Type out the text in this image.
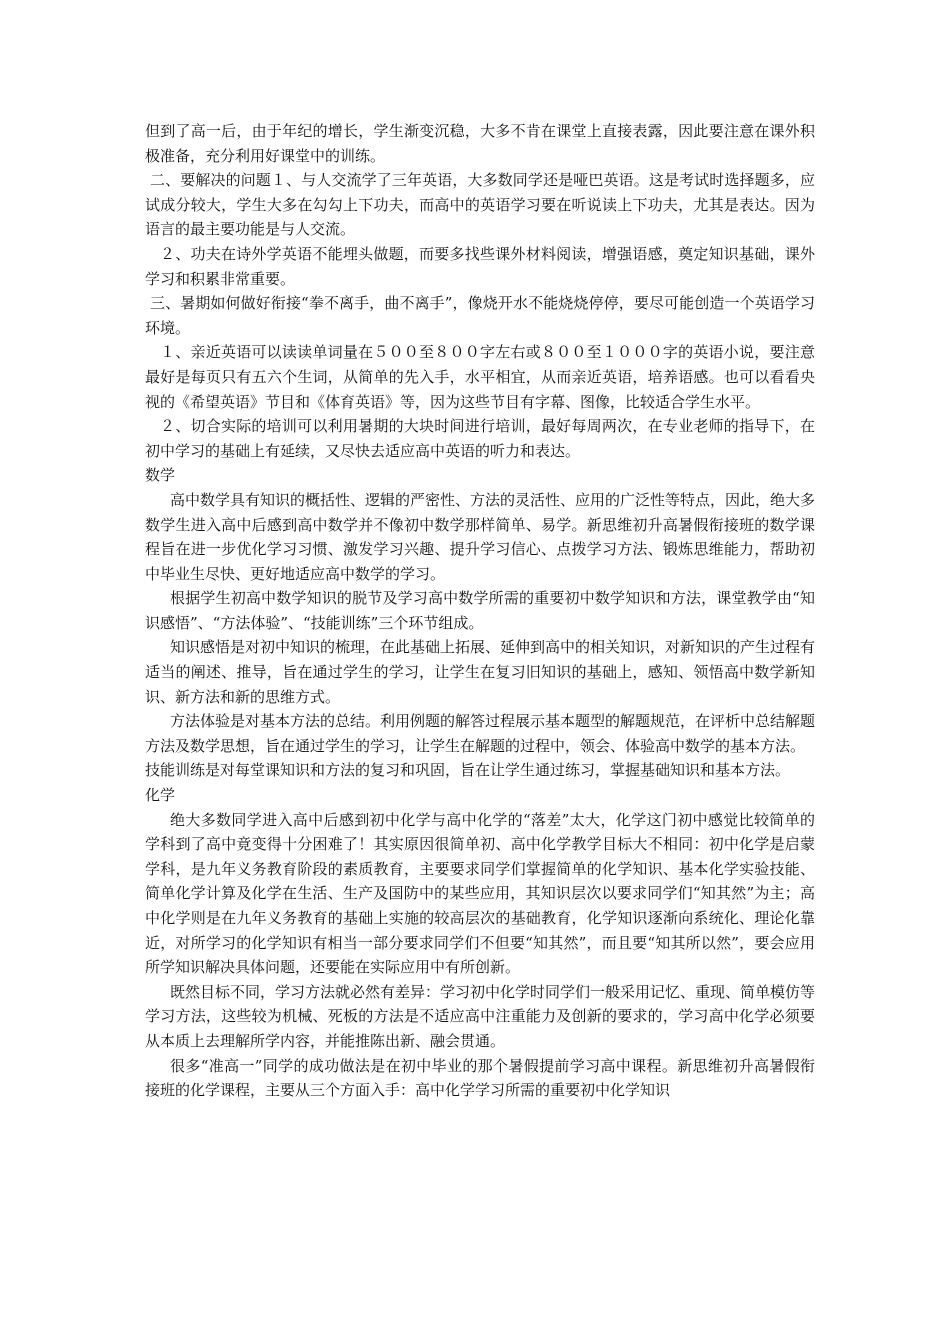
但到了高一后，由于年纪的增长，学生渐变沉稳，大多不肯在课堂上直接表露，因此要注意在课外积极准备，充分利用好课堂中的训练。

二、要解决的问题１、与人交流学了三年英语，大多数同学还是哑巴英语。这是考试时选择题多，应试成分较大，学生大多在勾勾上下功夫，而高中的英语学习要在听说读上下功夫，尤其是表达。因为语言的最主要功能是与人交流。

２、功夫在诗外学英语不能埋头做题，而要多找些课外材料阅读，增强语感，奠定知识基础，课外学习和积累非常重要。

三、暑期如何做好衔接“拳不离手，曲不离手”，像烧开水不能烧烧停停，要尽可能创造一个英语学习环境。

１、亲近英语可以读读单词量在５００至８００字左右或８００至１０００字的英语小说，要注意最好是每页只有五六个生词，从简单的先入手，水平相宜，从而亲近英语，培养语感。也可以看看央视的《希望英语》节目和《体育英语》等，因为这些节目有字幕、图像，比较适合学生水平。

２、切合实际的培训可以利用暑期的大块时间进行培训，最好每周两次，在专业老师的指导下，在初中学习的基础上有延续，又尽快去适应高中英语的听力和表达。

数学

高中数学具有知识的概括性、逻辑的严密性、方法的灵活性、应用的广泛性等特点，因此，绝大多数学生进入高中后感到高中数学并不像初中数学那样简单、易学。新思维初升高暑假衔接班的数学课程旨在进一步优化学习习惯、激发学习兴趣、提升学习信心、点拨学习方法、锻炼思维能力，帮助初中毕业生尽快、更好地适应高中数学的学习。

根据学生初高中数学知识的脱节及学习高中数学所需的重要初中数学知识和方法，课堂教学由“知识感悟”、“方法体验”、“技能训练”三个环节组成。

知识感悟是对初中知识的梳理，在此基础上拓展、延伸到高中的相关知识，对新知识的产生过程有适当的阐述、推导，旨在通过学生的学习，让学生在复习旧知识的基础上，感知、领悟高中数学新知识、新方法和新的思维方式。

方法体验是对基本方法的总结。利用例题的解答过程展示基本题型的解题规范，在评析中总结解题方法及数学思想，旨在通过学生的学习，让学生在解题的过程中，领会、体验高中数学的基本方法。

技能训练是对每堂课知识和方法的复习和巩固，旨在让学生通过练习，掌握基础知识和基本方法。

化学

绝大多数同学进入高中后感到初中化学与高中化学的“落差”太大，化学这门初中感觉比较简单的学科到了高中竟变得十分困难了！其实原因很简单初、高中化学教学目标大不相同：初中化学是启蒙学科，是九年义务教育阶段的素质教育，主要要求同学们掌握简单的化学知识、基本化学实验技能、简单化学计算及化学在生活、生产及国防中的某些应用，其知识层次以要求同学们“知其然”为主；高中化学则是在九年义务教育的基础上实施的较高层次的基础教育，化学知识逐渐向系统化、理论化靠近，对所学习的化学知识有相当一部分要求同学们不但要“知其然”，而且要“知其所以然”，要会应用所学知识解决具体问题，还要能在实际应用中有所创新。

既然目标不同，学习方法就必然有差异：学习初中化学时同学们一般采用记忆、重现、简单模仿等学习方法，这些较为机械、死板的方法是不适应高中注重能力及创新的要求的，学习高中化学必须要从本质上去理解所学内容，并能推陈出新、融会贯通。

很多“准高一”同学的成功做法是在初中毕业的那个暑假提前学习高中课程。新思维初升高暑假衔接班的化学课程，主要从三个方面入手：高中化学学习所需的重要初中化学知识
